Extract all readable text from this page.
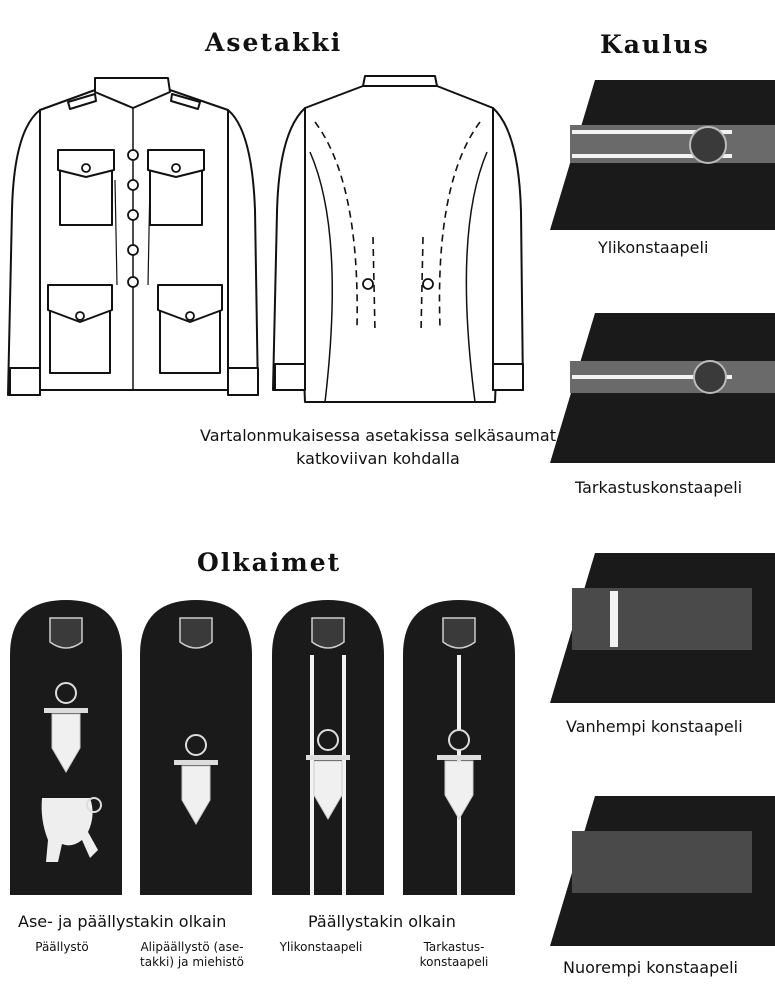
Asetakki	Kaulus
Olkaimet
Vartalonmukaisessa asetakissa selkäsaumat
katkoviivan kohdalla
Ylikonstaapeli
Tarkastuskonstaapeli
Vanhempi konstaapeli
Nuorempi konstaapeli
Ase- ja päällystakin olkain	Päällystakin olkain
Päällystö	Alipäällystö (ase-
takki) ja miehistö
Ylikonstaapeli	Tarkastus-
konstaapeli
